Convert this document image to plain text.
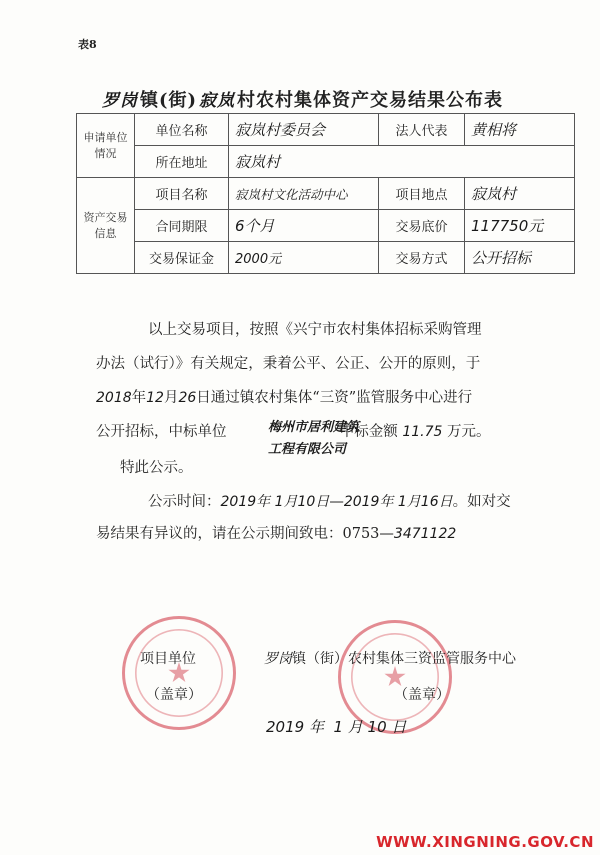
表8
罗岗 镇(街) 寂岚 村农村集体资产交易结果公布表
申请单位情况	单位名称	寂岚村委员会	法人代表	黄相将
	所在地址	寂岚村		
资产交易信息	项目名称	寂岚村文化活动中心	项目地点	寂岚村
	合同期限	6个月	交易底价	117750元
	交易保证金	2000元	交易方式	公开招标
以上交易项目，按照《兴宁市农村集体招标采购管理
办法（试行）》有关规定，秉着公平、公正、公开的原则，于
2018年12月26日通过镇农村集体“三资”监管服务中心进行
公开招标，中标单位	中标金额 11.75 万元。
梅州市居利建筑
工程有限公司
特此公示。
公示时间：2019年 1月10日—2019年 1月16日。如对交
易结果有异议的，请在公示期间致电：0753—3471122
项目单位	罗岗镇（街）农村集体三资监管服务中心
（盖章）	（盖章）
2019 年  1 月 10 日
WWW.XINGNING.GOV.CN
